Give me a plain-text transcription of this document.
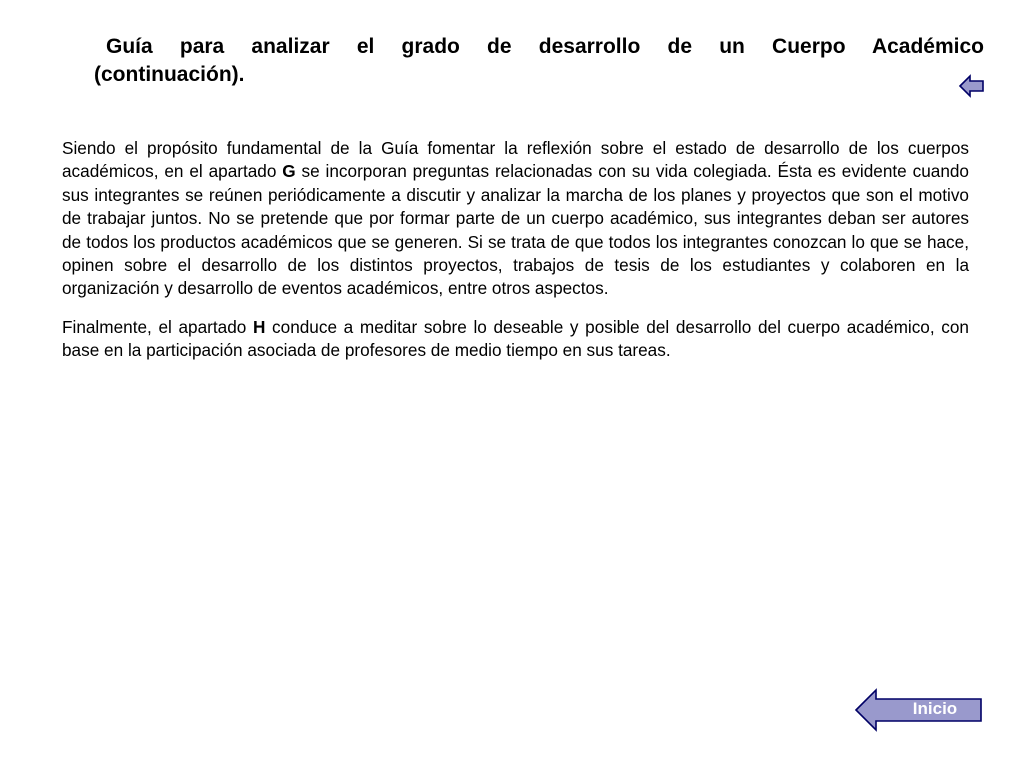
Guía para analizar el grado de desarrollo de un Cuerpo Académico
(continuación).

Siendo el propósito fundamental de la Guía fomentar la reflexión sobre el estado de desarrollo de los cuerpos académicos, en el apartado G se incorporan preguntas relacionadas con su vida colegiada. Ésta es evidente cuando sus integrantes se reúnen periódicamente a discutir y analizar la marcha de los planes y proyectos que son el motivo de trabajar juntos. No se pretende que por formar parte de un cuerpo académico, sus integrantes deban ser autores de todos los productos académicos que se generen. Si se trata de que todos los integrantes conozcan lo que se hace, opinen sobre el desarrollo de los distintos proyectos, trabajos de tesis de los estudiantes y colaboren en la organización y desarrollo de eventos académicos, entre otros aspectos.

Finalmente, el apartado H conduce a meditar sobre lo deseable y posible del desarrollo del cuerpo académico, con base en la participación asociada de profesores de medio tiempo en sus tareas.

Inicio
